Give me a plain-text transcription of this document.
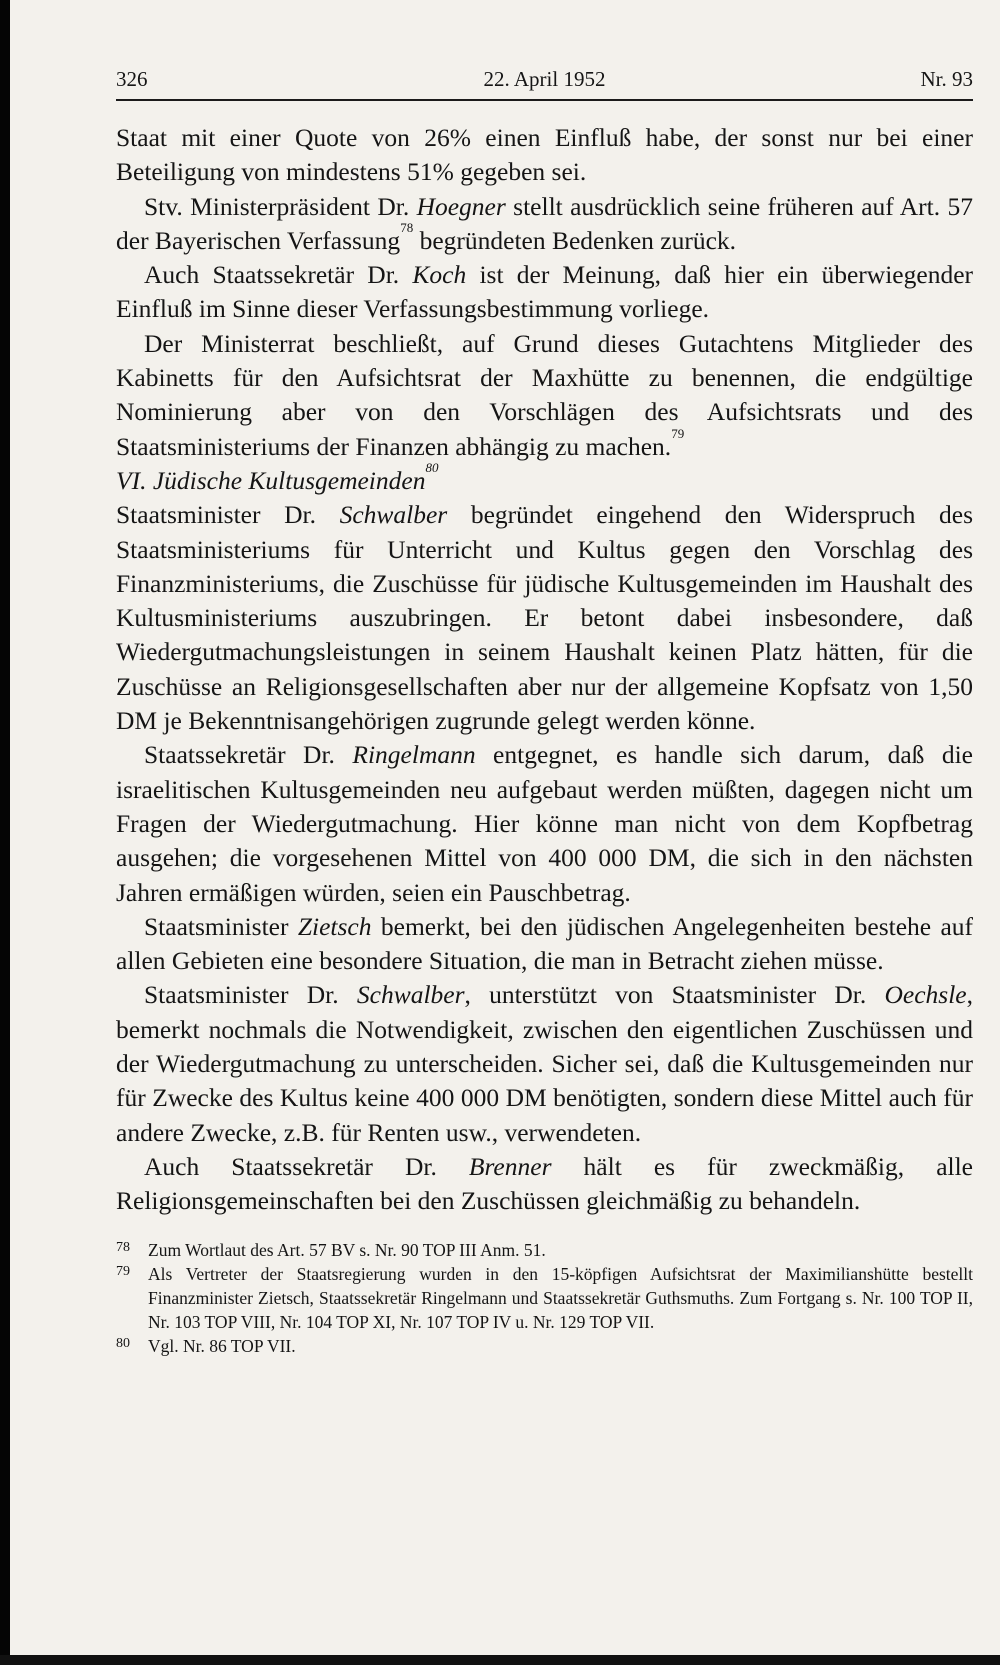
326	22. April 1952	Nr. 93

Staat mit einer Quote von 26% einen Einfluß habe, der sonst nur bei einer Beteiligung von mindestens 51% gegeben sei.

Stv. Ministerpräsident Dr. Hoegner stellt ausdrücklich seine früheren auf Art. 57 der Bayerischen Verfassung$^{78}$ begründeten Bedenken zurück.

Auch Staatssekretär Dr. Koch ist der Meinung, daß hier ein überwiegender Einfluß im Sinne dieser Verfassungsbestimmung vorliege.

Der Ministerrat beschließt, auf Grund dieses Gutachtens Mitglieder des Kabinetts für den Aufsichtsrat der Maxhütte zu benennen, die endgültige Nominierung aber von den Vorschlägen des Aufsichtsrats und des Staatsministeriums der Finanzen abhängig zu machen.$^{79}$

VI. Jüdische Kultusgemeinden$^{80}$

Staatsminister Dr. Schwalber begründet eingehend den Widerspruch des Staatsministeriums für Unterricht und Kultus gegen den Vorschlag des Finanzministeriums, die Zuschüsse für jüdische Kultusgemeinden im Haushalt des Kultusministeriums auszubringen. Er betont dabei insbesondere, daß Wiedergutmachungsleistungen in seinem Haushalt keinen Platz hätten, für die Zuschüsse an Religionsgesellschaften aber nur der allgemeine Kopfsatz von 1,50 DM je Bekenntnisangehörigen zugrunde gelegt werden könne.

Staatssekretär Dr. Ringelmann entgegnet, es handle sich darum, daß die israelitischen Kultusgemeinden neu aufgebaut werden müßten, dagegen nicht um Fragen der Wiedergutmachung. Hier könne man nicht von dem Kopfbetrag ausgehen; die vorgesehenen Mittel von 400 000 DM, die sich in den nächsten Jahren ermäßigen würden, seien ein Pauschbetrag.

Staatsminister Zietsch bemerkt, bei den jüdischen Angelegenheiten bestehe auf allen Gebieten eine besondere Situation, die man in Betracht ziehen müsse.

Staatsminister Dr. Schwalber, unterstützt von Staatsminister Dr. Oechsle, bemerkt nochmals die Notwendigkeit, zwischen den eigentlichen Zuschüssen und der Wiedergutmachung zu unterscheiden. Sicher sei, daß die Kultusgemeinden nur für Zwecke des Kultus keine 400 000 DM benötigten, sondern diese Mittel auch für andere Zwecke, z.B. für Renten usw., verwendeten.

Auch Staatssekretär Dr. Brenner hält es für zweckmäßig, alle Religionsgemeinschaften bei den Zuschüssen gleichmäßig zu behandeln.

78 Zum Wortlaut des Art. 57 BV s. Nr. 90 TOP III Anm. 51.

79 Als Vertreter der Staatsregierung wurden in den 15-köpfigen Aufsichtsrat der Maximilianshütte bestellt Finanzminister Zietsch, Staatssekretär Ringelmann und Staatssekretär Guthsmuths. Zum Fortgang s. Nr. 100 TOP II, Nr. 103 TOP VIII, Nr. 104 TOP XI, Nr. 107 TOP IV u. Nr. 129 TOP VII.

80 Vgl. Nr. 86 TOP VII.
